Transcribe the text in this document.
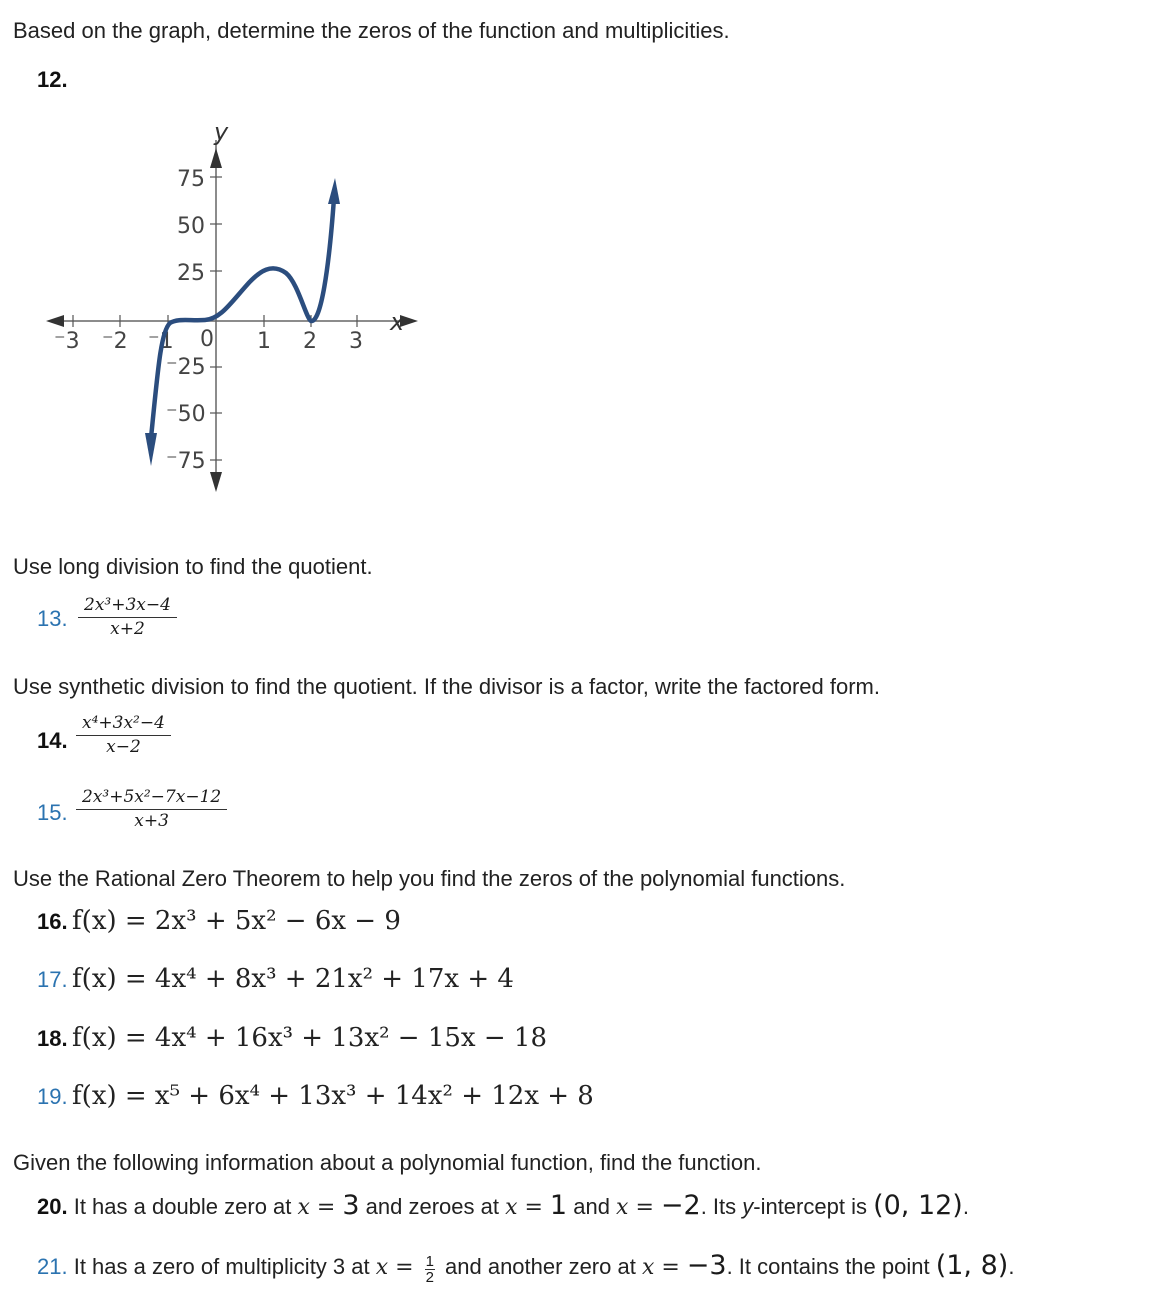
Based on the graph, determine the zeros of the function and multiplicities.
12.
y
x
75
50
25
⁻25
⁻50
⁻75
⁻3 ⁻2 ⁻1 0 1 2 3
Use long division to find the quotient.
13. $\frac{\text{2x³+3x−4}}{x+2}$
Use synthetic division to find the quotient. If the divisor is a factor, write the factored form.
14. $\frac{\text{x⁴+3x²−4}}{x-2}$
15. $\frac{\text{2x³+5x²−7x−12}}{x+3}$
Use the Rational Zero Theorem to help you find the zeros of the polynomial functions.
16. f(x) = 2x³ + 5x² − 6x − 9
17. f(x) = 4x⁴ + 8x³ + 21x² + 17x + 4
18. f(x) = 4x⁴ + 16x³ + 13x² − 15x − 18
19. f(x) = x⁵ + 6x⁴ + 13x³ + 14x² + 12x + 8
Given the following information about a polynomial function, find the function.
20. It has a double zero at x = 3 and zeroes at x = 1 and x = −2. Its y-intercept is (0, 12).
21. It has a zero of multiplicity 3 at $x = \frac{1}{2}$ and another zero at x = −3. It contains the point (1, 8).
